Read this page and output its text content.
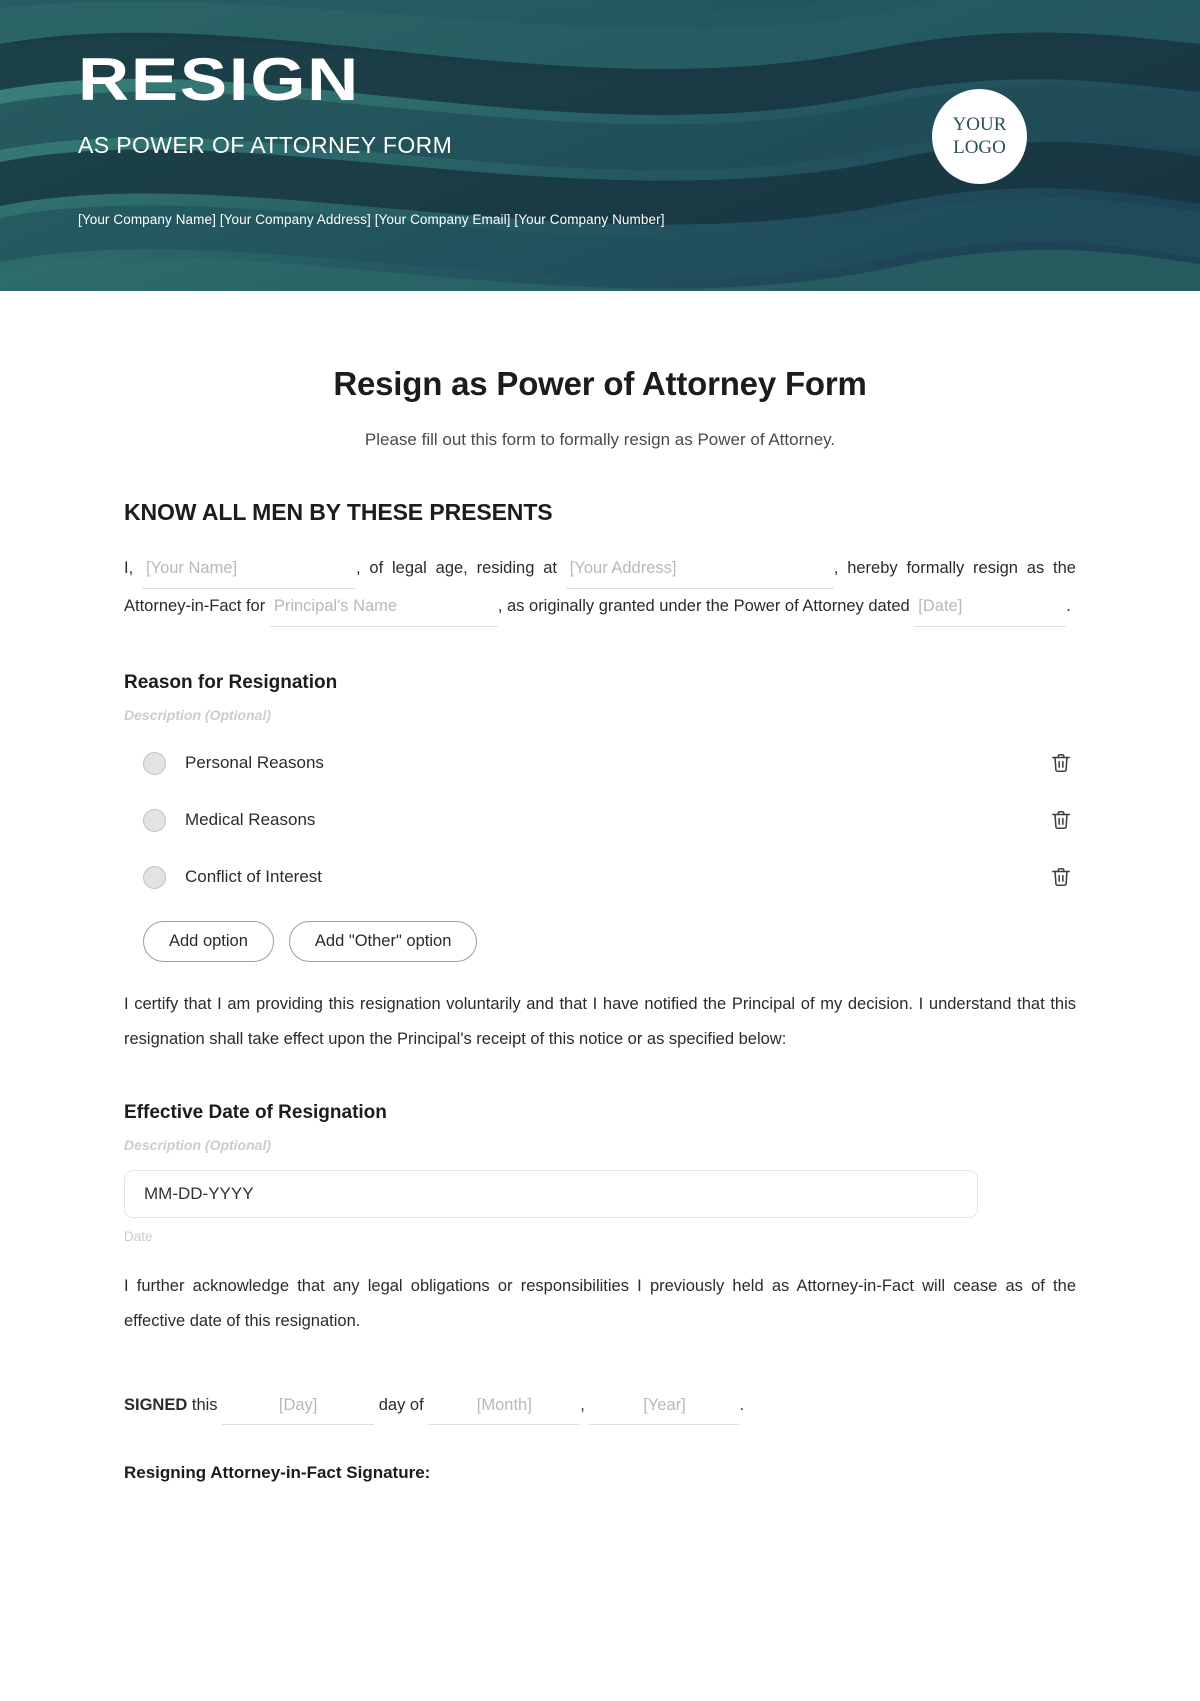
RESIGN
AS POWER OF ATTORNEY FORM
[Your Company Name] [Your Company Address] [Your Company Email] [Your Company Number]
YOUR
LOGO
Resign as Power of Attorney Form

Please fill out this form to formally resign as Power of Attorney.

KNOW ALL MEN BY THESE PRESENTS

I, [Your Name]	, of legal age, residing at [Your Address]	, hereby formally resign as the Attorney-in-Fact for Principal's Name	, as originally granted under the Power of Attorney dated [Date]	.

Reason for Resignation
Description (Optional)
Personal Reasons
Medical Reasons
Conflict of Interest
Add option	Add "Other" option

I certify that I am providing this resignation voluntarily and that I have notified the Principal of my decision. I understand that this resignation shall take effect upon the Principal's receipt of this notice or as specified below:

Effective Date of Resignation
Description (Optional)
MM-DD-YYYY
Date

I further acknowledge that any legal obligations or responsibilities I previously held as Attorney-in-Fact will cease as of the effective date of this resignation.

SIGNED this	[Day]	day of	[Month]	,	[Year]	.
Resigning Attorney-in-Fact Signature:
